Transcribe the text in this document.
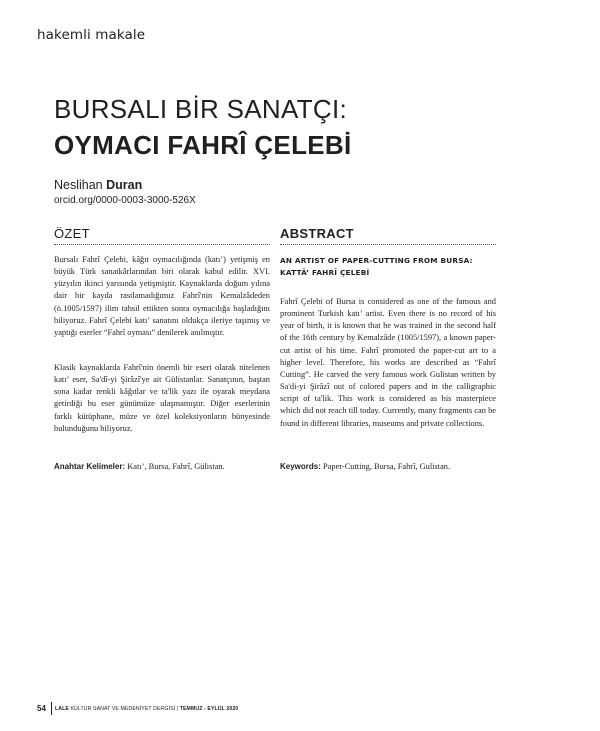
hakemli makale
BURSALI BİR SANATÇI:
OYMACI FAHRÎ ÇELEBİ
Neslihan Duran
orcid.org/0000-0003-3000-526X
ÖZET	ABSTRACT

Bursalı Fahrî Çelebi, kâğıt oymacılığında (katı’) yetişmiş en büyük Türk sanatkârlarından biri olarak kabul edilir. XVI. yüzyılın ikinci yarısında yetişmiştir. Kaynaklarda doğum yılına dair bir kayda rastlamadığımız Fahrî'nin Kemalzâdeden (ö.1005/1597) ilim tahsil ettikten sonra oymacılığa başladığını biliyoruz. Fahrî Çelebi katı’ sanatını oldukça ileriye taşımış ve yaptığı eserler “Fahrî oyması” denilerek anılmıştır.

Klasik kaynaklarda Fahrî'nin önemli bir eseri olarak nitelenen katı’ eser, Sa'dî-yi Şirâzî'ye ait Gülistanlar. Sanatçının, baştan sona kadar renkli kâğıtlar ve ta'lik yazı ile oyarak meydana getirdiği bu eser günümüze ulaşmamıştır. Diğer eserlerinin farklı kütüphane, müze ve özel koleksiyonların bünyesinde bulunduğunu biliyoruz.

Anahtar Kelimeler: Katı’, Bursa, Fahrî, Gülistan.
AN ARTIST OF PAPER-CUTTING FROM BURSA:
KATTÂ’ FAHRÎ ÇELEBİ

Fahrî Çelebi of Bursa is considered as one of the famous and prominent Turkish katı’ artist. Even there is no record of his year of birth, it is known that he was trained in the second half of the 16th century by Kemalzâde (1005/1597), a known paper-cut artist of his time. Fahrî promoted the paper-cut art to a higher level. Therefore, his works are described as “Fahrî Cutting”. He carved the very famous work Gulistan written by Sa'di-yi Şirâzî out of colored papers and in the calligraphic script of ta'lik. This work is considered as his masterpiece which did not reach till today. Currently, many fragments can be found in different libraries, museums and private collections.

Keywords: Paper-Cutting, Bursa, Fahrî, Gulistan.
54 LALE KÜLTÜR SANAT VE MEDENİYET DERGİSİ | TEMMUZ - EYLÜL 2020
